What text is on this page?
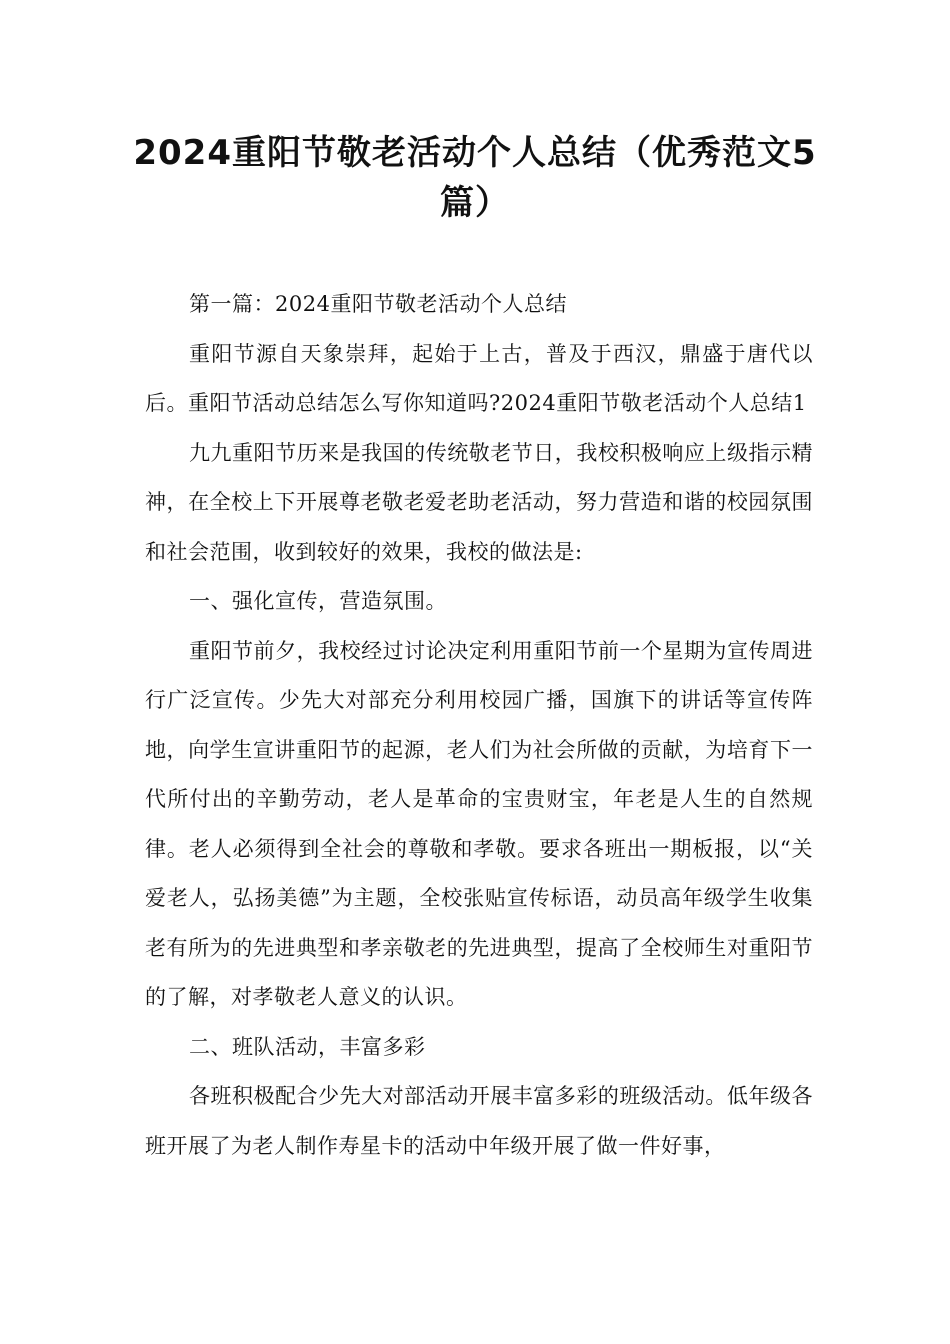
2024重阳节敬老活动个人总结（优秀范文5篇）

第一篇：2024重阳节敬老活动个人总结

重阳节源自天象崇拜，起始于上古，普及于西汉，鼎盛于唐代以后。重阳节活动总结怎么写你知道吗?2024重阳节敬老活动个人总结1

九九重阳节历来是我国的传统敬老节日，我校积极响应上级指示精神，在全校上下开展尊老敬老爱老助老活动，努力营造和谐的校园氛围和社会范围，收到较好的效果，我校的做法是:

一、强化宣传，营造氛围。

重阳节前夕，我校经过讨论决定利用重阳节前一个星期为宣传周进行广泛宣传。少先大对部充分利用校园广播，国旗下的讲话等宣传阵地，向学生宣讲重阳节的起源，老人们为社会所做的贡献，为培育下一代所付出的辛勤劳动，老人是革命的宝贵财宝，年老是人生的自然规律。老人必须得到全社会的尊敬和孝敬。要求各班出一期板报，以“关爱老人，弘扬美德”为主题，全校张贴宣传标语，动员高年级学生收集老有所为的先进典型和孝亲敬老的先进典型，提高了全校师生对重阳节的了解，对孝敬老人意义的认识。

二、班队活动，丰富多彩

各班积极配合少先大对部活动开展丰富多彩的班级活动。低年级各班开展了为老人制作寿星卡的活动中年级开展了做一件好事，
